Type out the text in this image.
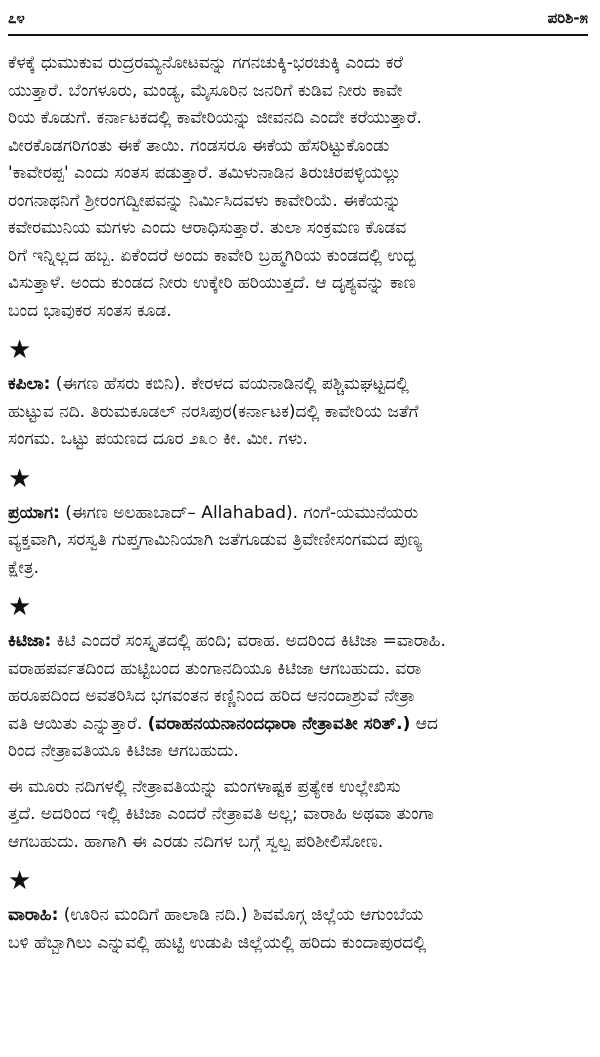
೭೪	ಪರಿಶಿ-೫

ಕೆಳಕ್ಕೆ ಧುಮುಕುವ ರುದ್ರರಮ್ಯನೋಟವನ್ನು ಗಗನಚುಕ್ಕಿ-ಭರಚುಕ್ಕಿ ಎಂದು ಕರೆ
ಯುತ್ತಾರೆ. ಬೆಂಗಳೂರು, ಮಂಡ್ಯ, ಮೈಸೂರಿನ ಜನರಿಗೆ ಕುಡಿವ ನೀರು ಕಾವೇ
ರಿಯ ಕೊಡುಗೆ. ಕರ್ನಾಟಕದಲ್ಲಿ ಕಾವೇರಿಯನ್ನು ಜೀವನದಿ ಎಂದೇ ಕರೆಯುತ್ತಾರೆ.
ವೀರಕೊಡಗರಿಗಂತು ಈಕೆ ತಾಯಿ. ಗಂಡಸರೂ ಈಕೆಯ ಹೆಸರಿಟ್ಟುಕೊಂಡು
'ಕಾವೇರಪ್ಪ' ಎಂದು ಸಂತಸ ಪಡುತ್ತಾರೆ. ತಮಿಳುನಾಡಿನ ತಿರುಚಿರಪಳ್ಳಿಯಲ್ಲು
ರಂಗನಾಥನಿಗೆ ಶ್ರೀರಂಗದ್ವೀಪವನ್ನು ನಿರ್ಮಿಸಿದವಳು ಕಾವೇರಿಯೆ. ಈಕೆಯನ್ನು
ಕವೇರಮುನಿಯ ಮಗಳು ಎಂದು ಆರಾಧಿಸುತ್ತಾರೆ. ತುಲಾ ಸಂಕ್ರಮಣ ಕೊಡವ
ರಿಗೆ ಇನ್ನಿಲ್ಲದ ಹಬ್ಬ. ಏಕೆಂದರೆ ಅಂದು ಕಾವೇರಿ ಬ್ರಹ್ಮಗಿರಿಯ ಕುಂಡದಲ್ಲಿ ಉದ್ಭ
ವಿಸುತ್ತಾಳೆ. ಅಂದು ಕುಂಡದ ನೀರು ಉಕ್ಕೇರಿ ಹರಿಯುತ್ತದೆ. ಆ ದೃಶ್ಯವನ್ನು ಕಾಣ
ಬಂದ ಭಾವುಕರ ಸಂತಸ ಕೂಡ.

★

ಕಪಿಲಾ: (ಈಗಣ ಹೆಸರು ಕಬಿನಿ). ಕೇರಳದ ವಯನಾಡಿನಲ್ಲಿ ಪಶ್ಚಿಮಘಟ್ಟದಲ್ಲಿ
ಹುಟ್ಟುವ ನದಿ. ತಿರುಮಕೂಡಲ್ ನರಸಿಪುರ(ಕರ್ನಾಟಕ)ದಲ್ಲಿ ಕಾವೇರಿಯ ಜತೆಗೆ
ಸಂಗಮ. ಒಟ್ಟು ಪಯಣದ ದೂರ ೨೩೦ ಕೀ. ಮೀ. ಗಳು.

★

ಪ್ರಯಾಗ: (ಈಗಣ ಅಲಹಾಬಾದ್– Allahabad). ಗಂಗೆ-ಯಮುನೆಯರು
ವ್ಯಕ್ತವಾಗಿ, ಸರಸ್ವತಿ ಗುಪ್ತಗಾಮಿನಿಯಾಗಿ ಜತೆಗೂಡುವ ತ್ರಿವೇಣೀಸಂಗಮದ ಪುಣ್ಯ
ಕ್ಷೇತ್ರ.

★

ಕಿಟಿಜಾ: ಕಿಟಿ ಎಂದರೆ ಸಂಸ್ಕೃತದಲ್ಲಿ ಹಂದಿ; ವರಾಹ. ಅದರಿಂದ ಕಿಟಿಜಾ =ವಾರಾಹಿ.
ವರಾಹಪರ್ವತದಿಂದ ಹುಟ್ಟಿಬಂದ ತುಂಗಾನದಿಯೂ ಕಿಟಿಜಾ ಆಗಬಹುದು. ವರಾ
ಹರೂಪದಿಂದ ಅವತರಿಸಿದ ಭಗವಂತನ ಕಣ್ಣಿನಿಂದ ಹರಿದ ಆನಂದಾಶ್ರುವೆ ನೇತ್ರಾ
ವತಿ ಆಯಿತು ಎನ್ನುತ್ತಾರೆ. (ವರಾಹನಯನಾನಂದಧಾರಾ ನೇತ್ರಾವತೀ ಸರಿತ್.) ಆದ
ರಿಂದ ನೇತ್ರಾವತಿಯೂ ಕಿಟಿಜಾ ಆಗಬಹುದು.

ಈ ಮೂರು ನದಿಗಳಲ್ಲಿ ನೇತ್ರಾವತಿಯನ್ನು ಮಂಗಳಾಷ್ಟಕ ಪ್ರತ್ಯೇಕ ಉಲ್ಲೇಖಿಸು
ತ್ತದೆ. ಅದರಿಂದ ಇಲ್ಲಿ ಕಿಟಿಜಾ ಎಂದರೆ ನೇತ್ರಾವತಿ ಅಲ್ಲ; ವಾರಾಹಿ ಅಥವಾ ತುಂಗಾ
ಆಗಬಹುದು. ಹಾಗಾಗಿ ಈ ಎರಡು ನದಿಗಳ ಬಗ್ಗೆ ಸ್ವಲ್ಪ ಪರಿಶೀಲಿಸೋಣ.

★

ವಾರಾಹಿ: (ಊರಿನ ಮಂದಿಗೆ ಹಾಲಾಡಿ ನದಿ.) ಶಿವಮೊಗ್ಗ ಜಿಲ್ಲೆಯ ಆಗುಂಬೆಯ
ಬಳಿ ಹೆಬ್ಬಾಗಿಲು ಎನ್ನುವಲ್ಲಿ ಹುಟ್ಟಿ ಉಡುಪಿ ಜಿಲ್ಲೆಯಲ್ಲಿ ಹರಿದು ಕುಂದಾಪುರದಲ್ಲಿ
